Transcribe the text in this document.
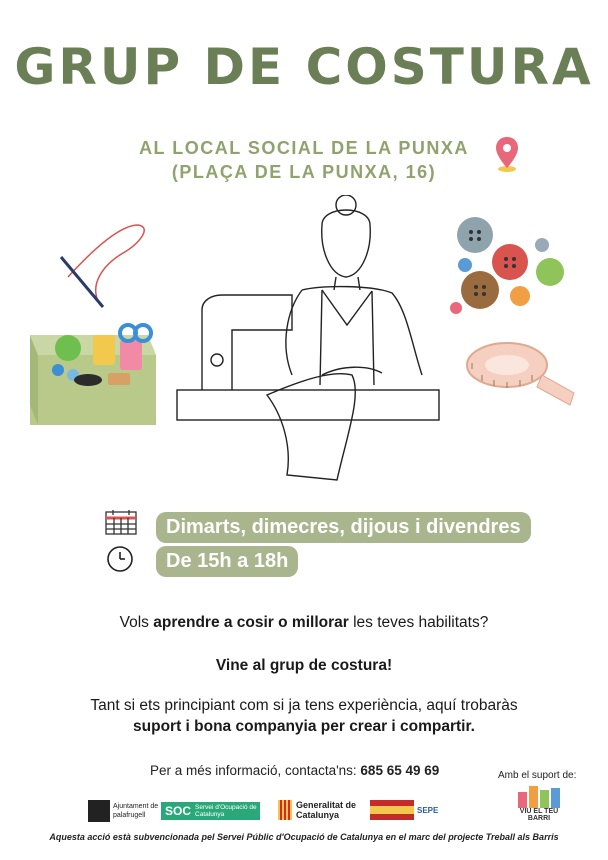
GRUP DE COSTURA
AL LOCAL SOCIAL DE LA PUNXA
(PLAÇA DE LA PUNXA, 16)
Dimarts, dimecres, dijous i divendres
De 15h a 18h
Vols aprendre a cosir o millorar les teves habilitats?
Vine al grup de costura!
Tant si ets principiant com si ja tens experiència, aquí trobaràs
suport i bona companyia per crear i compartir.
Per a més informació, contacta'ns: 685 65 49 69	Amb el suport de:
Ajuntament de palafrugell	SOC Servei d'Ocupació de Catalunya
Generalitat de Catalunya	SEPE	VIU EL TEU BARRI
Aquesta acció està subvencionada pel Servei Públic d'Ocupació de Catalunya en el marc del projecte Treball als Barris
